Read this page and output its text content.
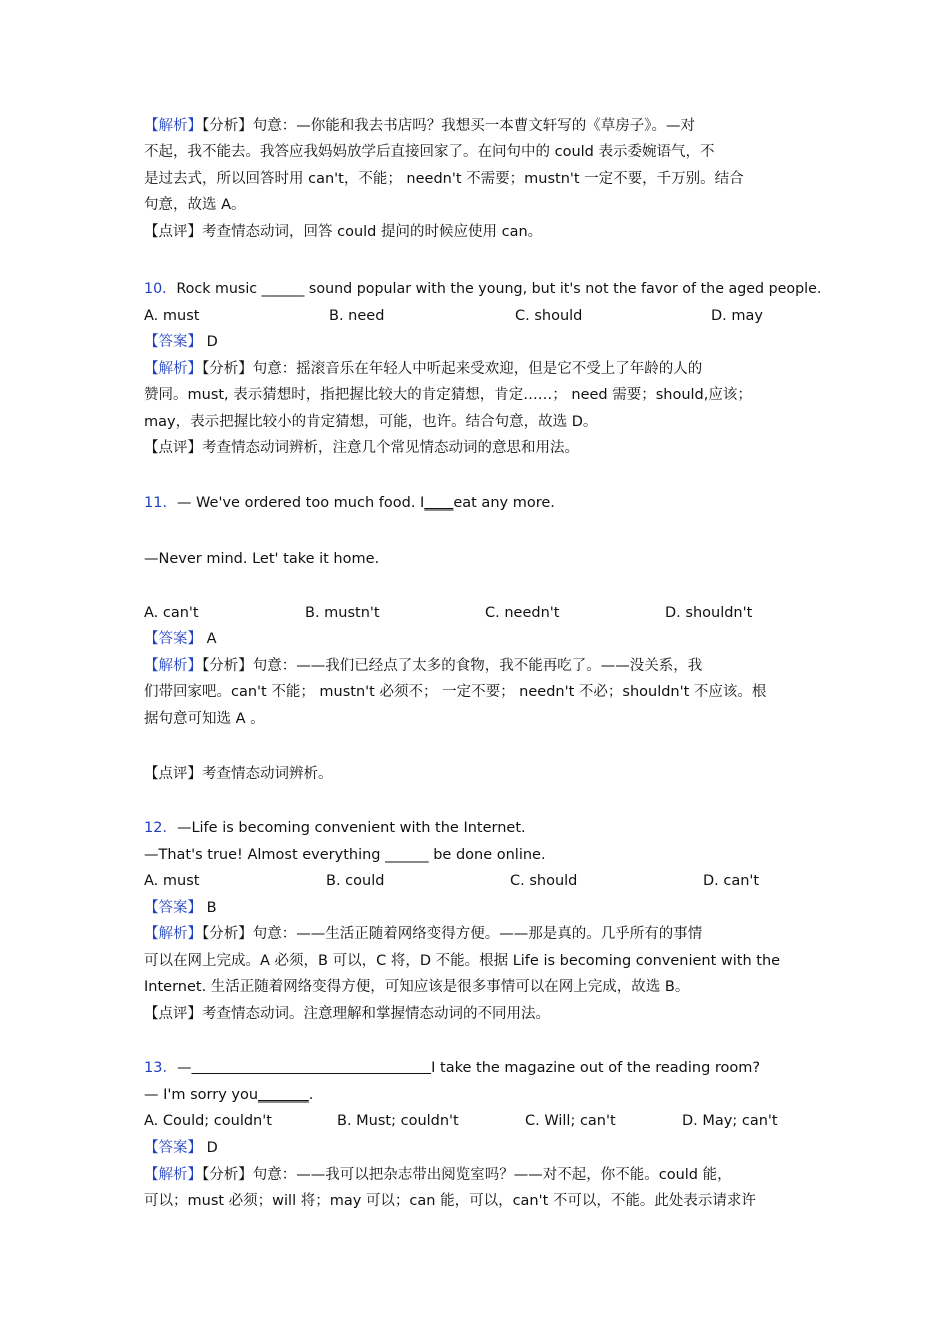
【解析】【分析】句意：—你能和我去书店吗？我想买一本曹文轩写的《草房子》。—对
不起，我不能去。我答应我妈妈放学后直接回家了。在问句中的 could 表示委婉语气，不
是过去式，所以回答时用 can't，不能； needn't 不需要；mustn't 一定不要，千万别。结合
句意，故选 A。
【点评】考查情态动词，回答 could 提问的时候应使用 can。
10．Rock music ______ sound popular with the young, but it's not the favor of the aged people.
A. must	B. need	C. should	D. may
【答案】 D
【解析】【分析】句意：摇滚音乐在年轻人中听起来受欢迎，但是它不受上了年龄的人的
赞同。must, 表示猜想时，指把握比较大的肯定猜想，肯定……； need 需要；should,应该；
may，表示把握比较小的肯定猜想，可能，也许。结合句意，故选 D。
【点评】考查情态动词辨析，注意几个常见情态动词的意思和用法。
11．— We've ordered too much food. I____eat any more.
—Never mind. Let' take it home.
A. can't	B. mustn't	C. needn't	D. shouldn't
【答案】 A
【解析】【分析】句意：——我们已经点了太多的食物，我不能再吃了。——没关系，我
们带回家吧。can't 不能； mustn't 必须不； 一定不要； needn't 不必；shouldn't 不应该。根
据句意可知选 A 。
【点评】考查情态动词辨析。
12．—Life is becoming convenient with the Internet.
—That's true! Almost everything ______ be done online.
A. must	B. could	C. should	D. can't
【答案】 B
【解析】【分析】句意：——生活正随着网络变得方便。——那是真的。几乎所有的事情
可以在网上完成。A 必须，B 可以，C 将，D 不能。根据 Life is becoming convenient with the
Internet. 生活正随着网络变得方便，可知应该是很多事情可以在网上完成，故选 B。
【点评】考查情态动词。注意理解和掌握情态动词的不同用法。
13．—	I take the magazine out of the reading room?
— I'm sorry you_______.
A. Could; couldn't	B. Must; couldn't	C. Will; can't	D. May; can't
【答案】 D
【解析】【分析】句意：——我可以把杂志带出阅览室吗？——对不起，你不能。could 能，
可以；must 必须；will 将；may 可以；can 能，可以，can't 不可以，不能。此处表示请求许
